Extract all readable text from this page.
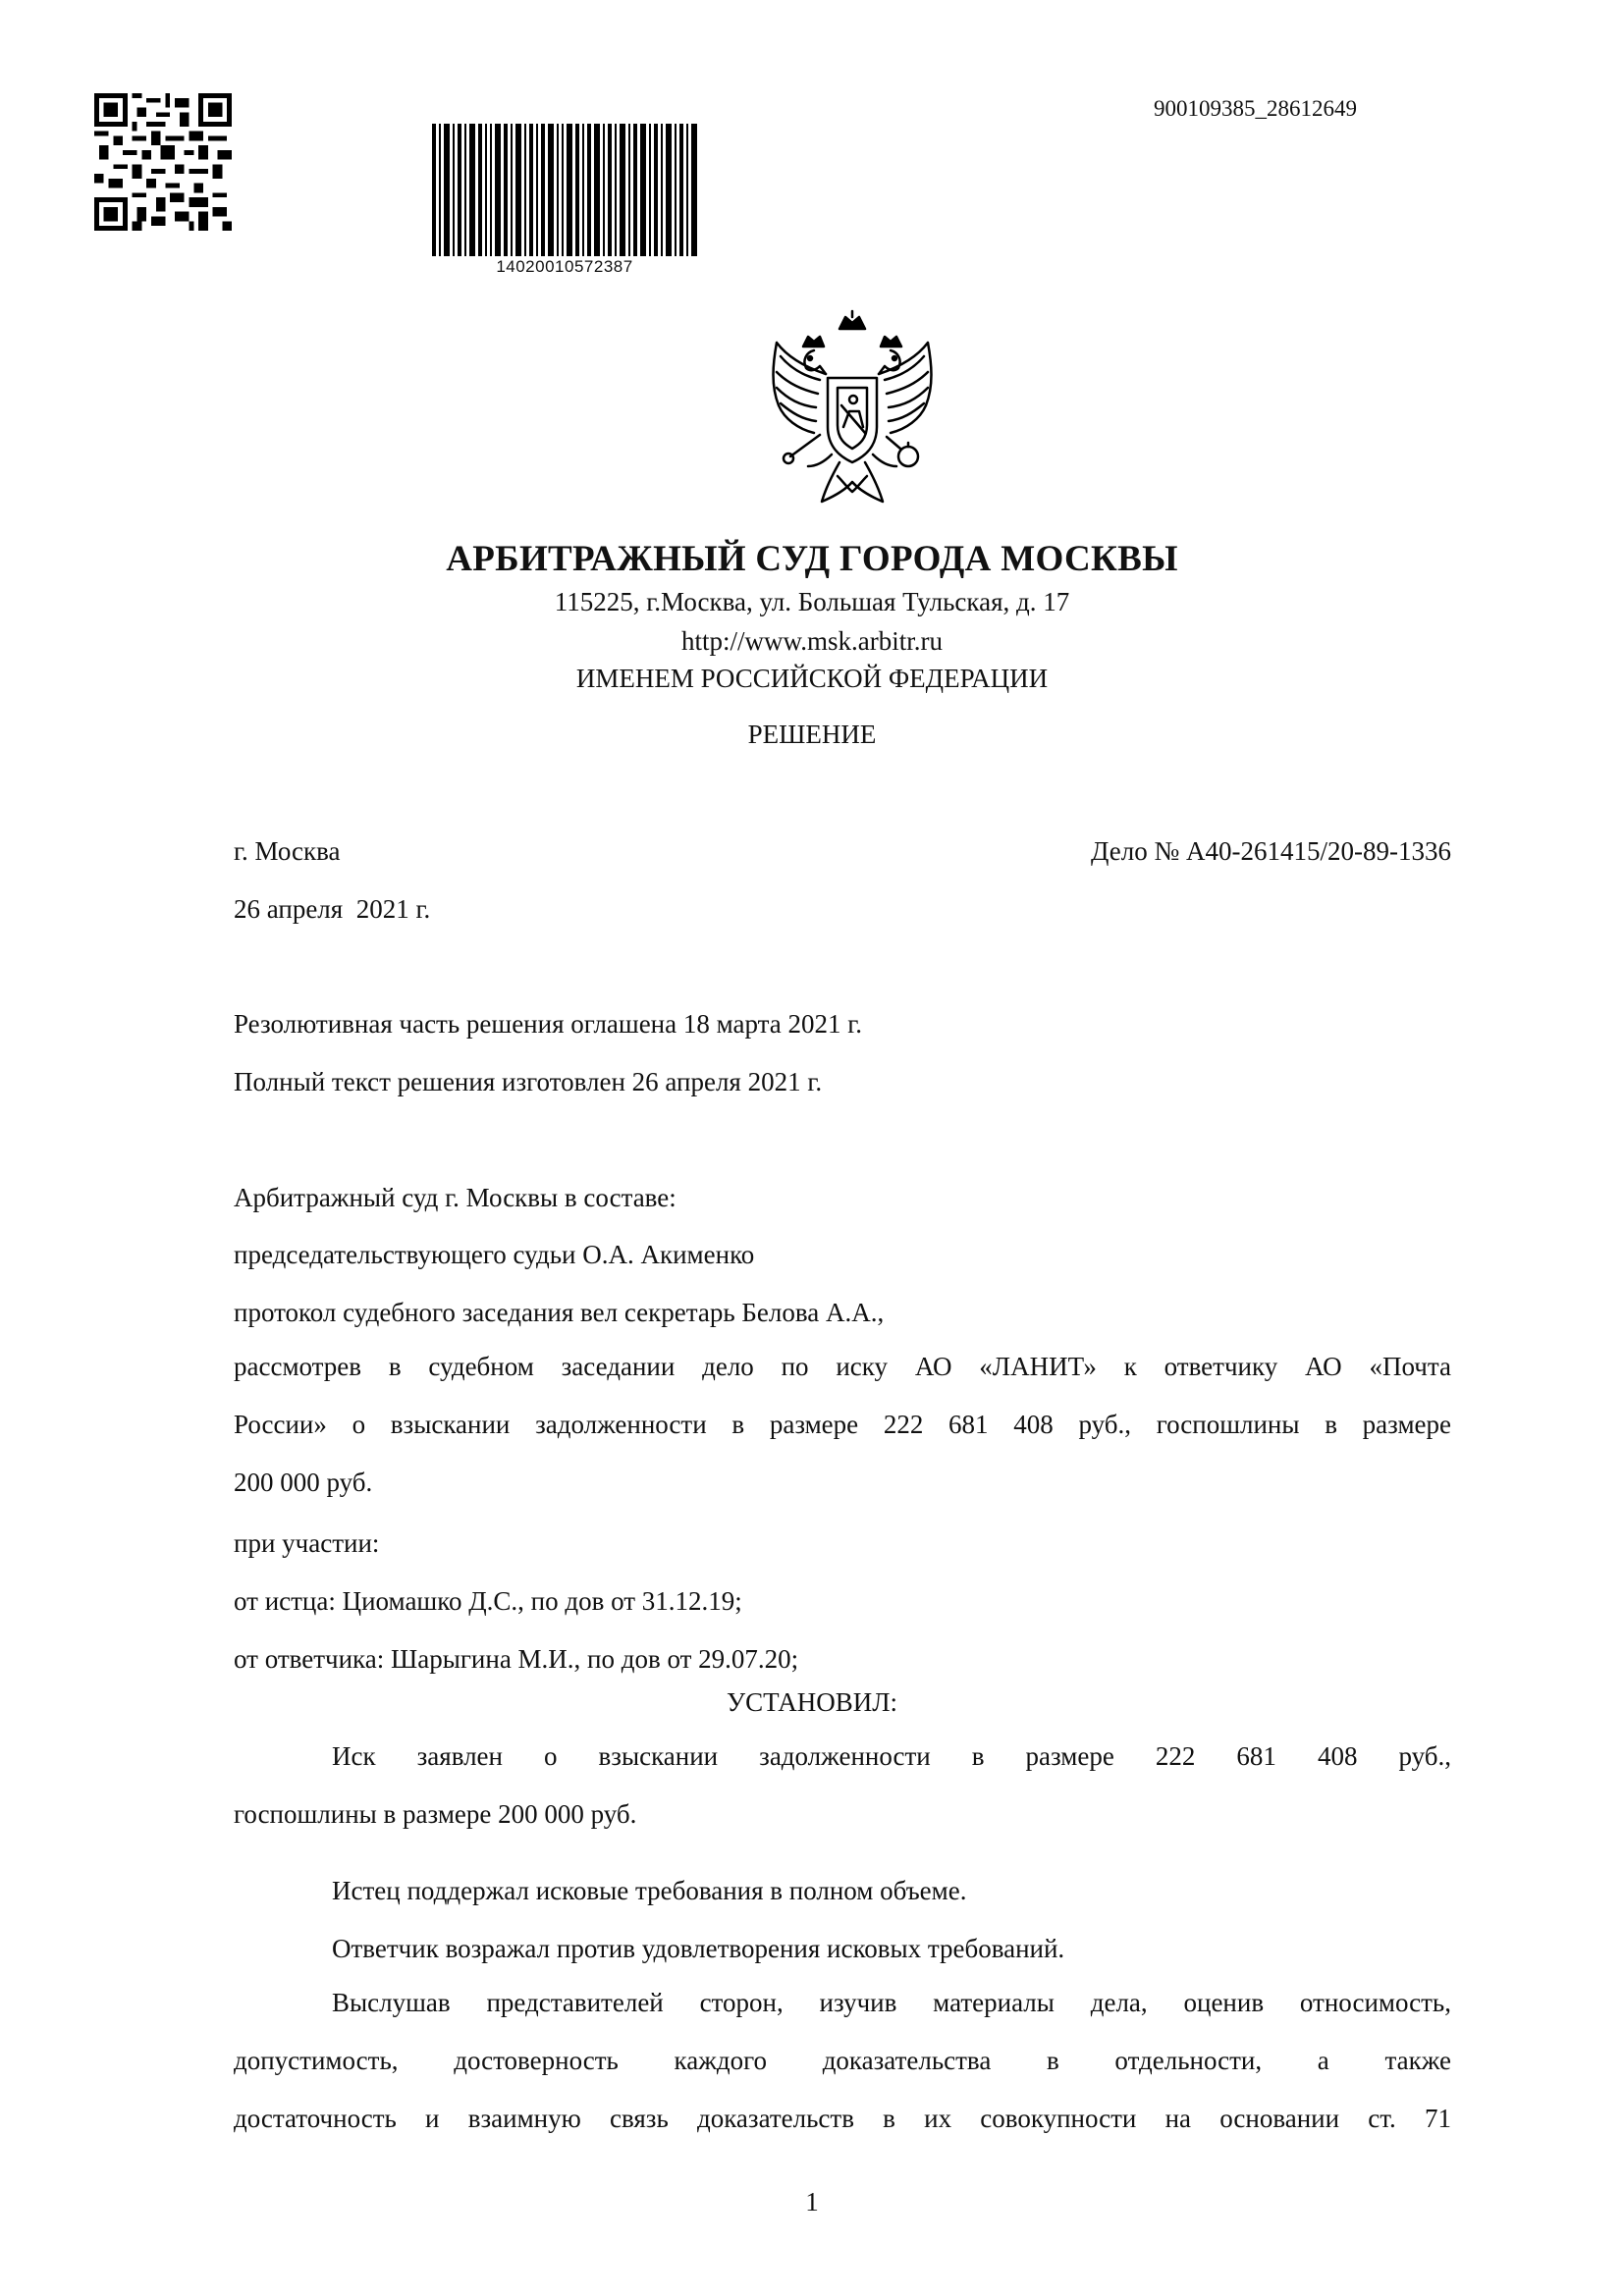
14020010572387
900109385_28612649
АРБИТРАЖНЫЙ СУД ГОРОДА МОСКВЫ
115225, г.Москва, ул. Большая Тульская, д. 17
http://www.msk.arbitr.ru
ИМЕНЕМ РОССИЙСКОЙ ФЕДЕРАЦИИ
РЕШЕНИЕ
г. Москва	Дело № А40-261415/20-89-1336
26 апреля  2021 г.
Резолютивная часть решения оглашена 18 марта 2021 г.
Полный текст решения изготовлен 26 апреля 2021 г.
Арбитражный суд г. Москвы в составе:
председательствующего судьи О.А. Акименко
протокол судебного заседания вел секретарь Белова А.А.,
рассмотрев в судебном заседании дело по иску АО «ЛАНИТ» к ответчику АО «Почта
России» о взыскании задолженности в размере 222 681 408 руб., госпошлины в размере
200 000 руб.
при участии:
от истца: Циомашко Д.С., по дов от 31.12.19;
от ответчика: Шарыгина М.И., по дов от 29.07.20;
УСТАНОВИЛ:
Иск заявлен о взыскании задолженности в размере 222 681 408 руб.,
госпошлины в размере 200 000 руб.
Истец поддержал исковые требования в полном объеме.
Ответчик возражал против удовлетворения исковых требований.
Выслушав представителей сторон, изучив материалы дела, оценив относимость,
допустимость, достоверность каждого доказательства в отдельности, а также
достаточность и взаимную связь доказательств в их совокупности на основании ст. 71
1
